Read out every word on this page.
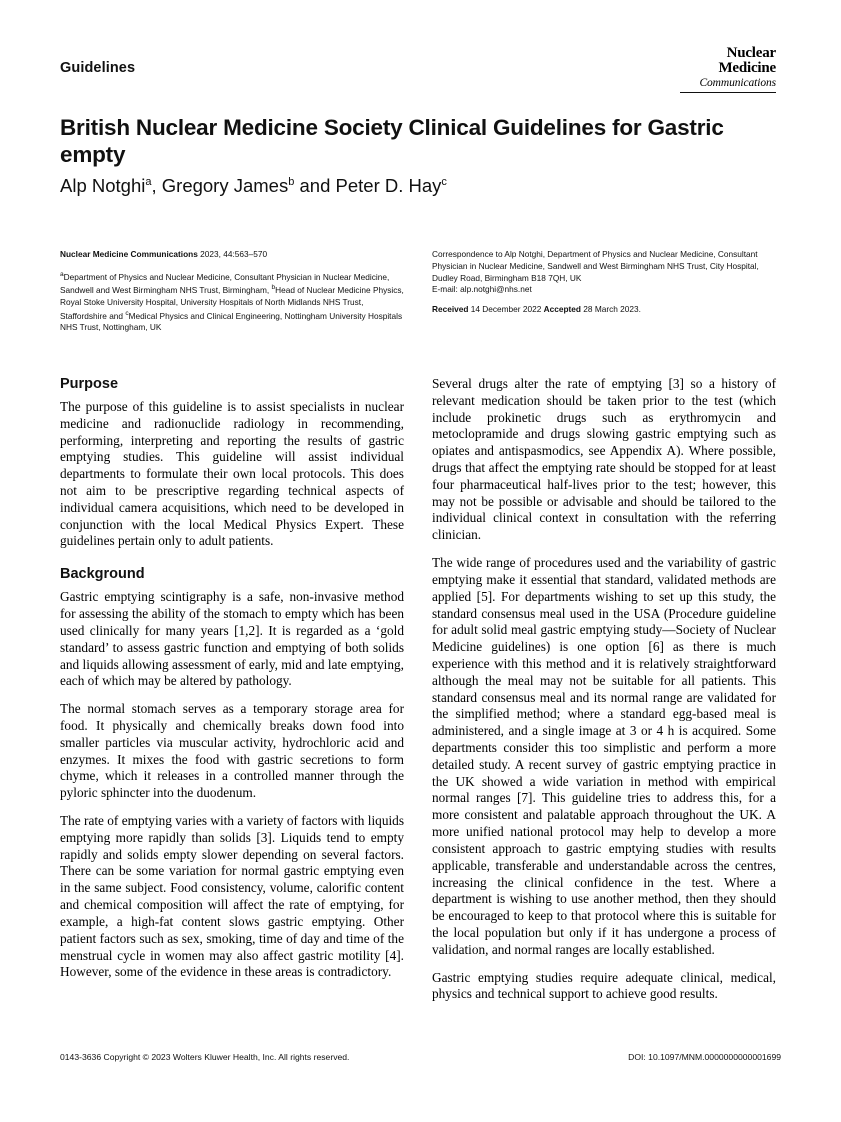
Guidelines
Nuclear
Medicine
Communications
British Nuclear Medicine Society Clinical Guidelines for Gastric empty
Alp Notghi$^a$, Gregory James$^b$ and Peter D. Hay$^c$
Nuclear Medicine Communications 2023, 44:563–570
$^a$Department of Physics and Nuclear Medicine, Consultant Physician in Nuclear Medicine, Sandwell and West Birmingham NHS Trust, Birmingham, $^b$Head of Nuclear Medicine Physics, Royal Stoke University Hospital, University Hospitals of North Midlands NHS Trust, Staffordshire and $^c$Medical Physics and Clinical Engineering, Nottingham University Hospitals NHS Trust, Nottingham, UK
Correspondence to Alp Notghi, Department of Physics and Nuclear Medicine, Consultant Physician in Nuclear Medicine, Sandwell and West Birmingham NHS Trust, City Hospital, Dudley Road, Birmingham B18 7QH, UK
E-mail: alp.notghi@nhs.net
Received 14 December 2022 Accepted 28 March 2023.
Purpose

The purpose of this guideline is to assist specialists in nuclear medicine and radionuclide radiology in recommending, performing, interpreting and reporting the results of gastric emptying studies. This guideline will assist individual departments to formulate their own local protocols. This does not aim to be prescriptive regarding technical aspects of individual camera acquisitions, which need to be developed in conjunction with the local Medical Physics Expert. These guidelines pertain only to adult patients.

Background

Gastric emptying scintigraphy is a safe, non-invasive method for assessing the ability of the stomach to empty which has been used clinically for many years [1,2]. It is regarded as a ‘gold standard’ to assess gastric function and emptying of both solids and liquids allowing assessment of early, mid and late emptying, each of which may be altered by pathology.

The normal stomach serves as a temporary storage area for food. It physically and chemically breaks down food into smaller particles via muscular activity, hydrochloric acid and enzymes. It mixes the food with gastric secretions to form chyme, which it releases in a controlled manner through the pyloric sphincter into the duodenum.

The rate of emptying varies with a variety of factors with liquids emptying more rapidly than solids [3]. Liquids tend to empty rapidly and solids empty slower depending on several factors. There can be some variation for normal gastric emptying even in the same subject. Food consistency, volume, calorific content and chemical composition will affect the rate of emptying, for example, a high-fat content slows gastric emptying. Other patient factors such as sex, smoking, time of day and time of the menstrual cycle in women may also affect gastric motility [4]. However, some of the evidence in these areas is contradictory.

Several drugs alter the rate of emptying [3] so a history of relevant medication should be taken prior to the test (which include prokinetic drugs such as erythromycin and metoclopramide and drugs slowing gastric emptying such as opiates and antispasmodics, see Appendix A). Where possible, drugs that affect the emptying rate should be stopped for at least four pharmaceutical half-lives prior to the test; however, this may not be possible or advisable and should be tailored to the individual clinical context in consultation with the referring clinician.

The wide range of procedures used and the variability of gastric emptying make it essential that standard, validated methods are applied [5]. For departments wishing to set up this study, the standard consensus meal used in the USA (Procedure guideline for adult solid meal gastric emptying study—Society of Nuclear Medicine guidelines) is one option [6] as there is much experience with this method and it is relatively straightforward although the meal may not be suitable for all patients. This standard consensus meal and its normal range are validated for the simplified method; where a standard egg-based meal is administered, and a single image at 3 or 4 h is acquired. Some departments consider this too simplistic and perform a more detailed study. A recent survey of gastric emptying practice in the UK showed a wide variation in method with empirical normal ranges [7]. This guideline tries to address this, for a more consistent and palatable approach throughout the UK. A more unified national protocol may help to develop a more consistent approach to gastric emptying studies with results applicable, transferable and understandable across the centres, increasing the clinical confidence in the test. Where a department is wishing to use another method, then they should be encouraged to keep to that protocol where this is suitable for the local population but only if it has undergone a process of validation, and normal ranges are locally established.

Gastric emptying studies require adequate clinical, medical, physics and technical support to achieve good results.

0143-3636 Copyright © 2023 Wolters Kluwer Health, Inc. All rights reserved.	DOI: 10.1097/MNM.0000000000001699
